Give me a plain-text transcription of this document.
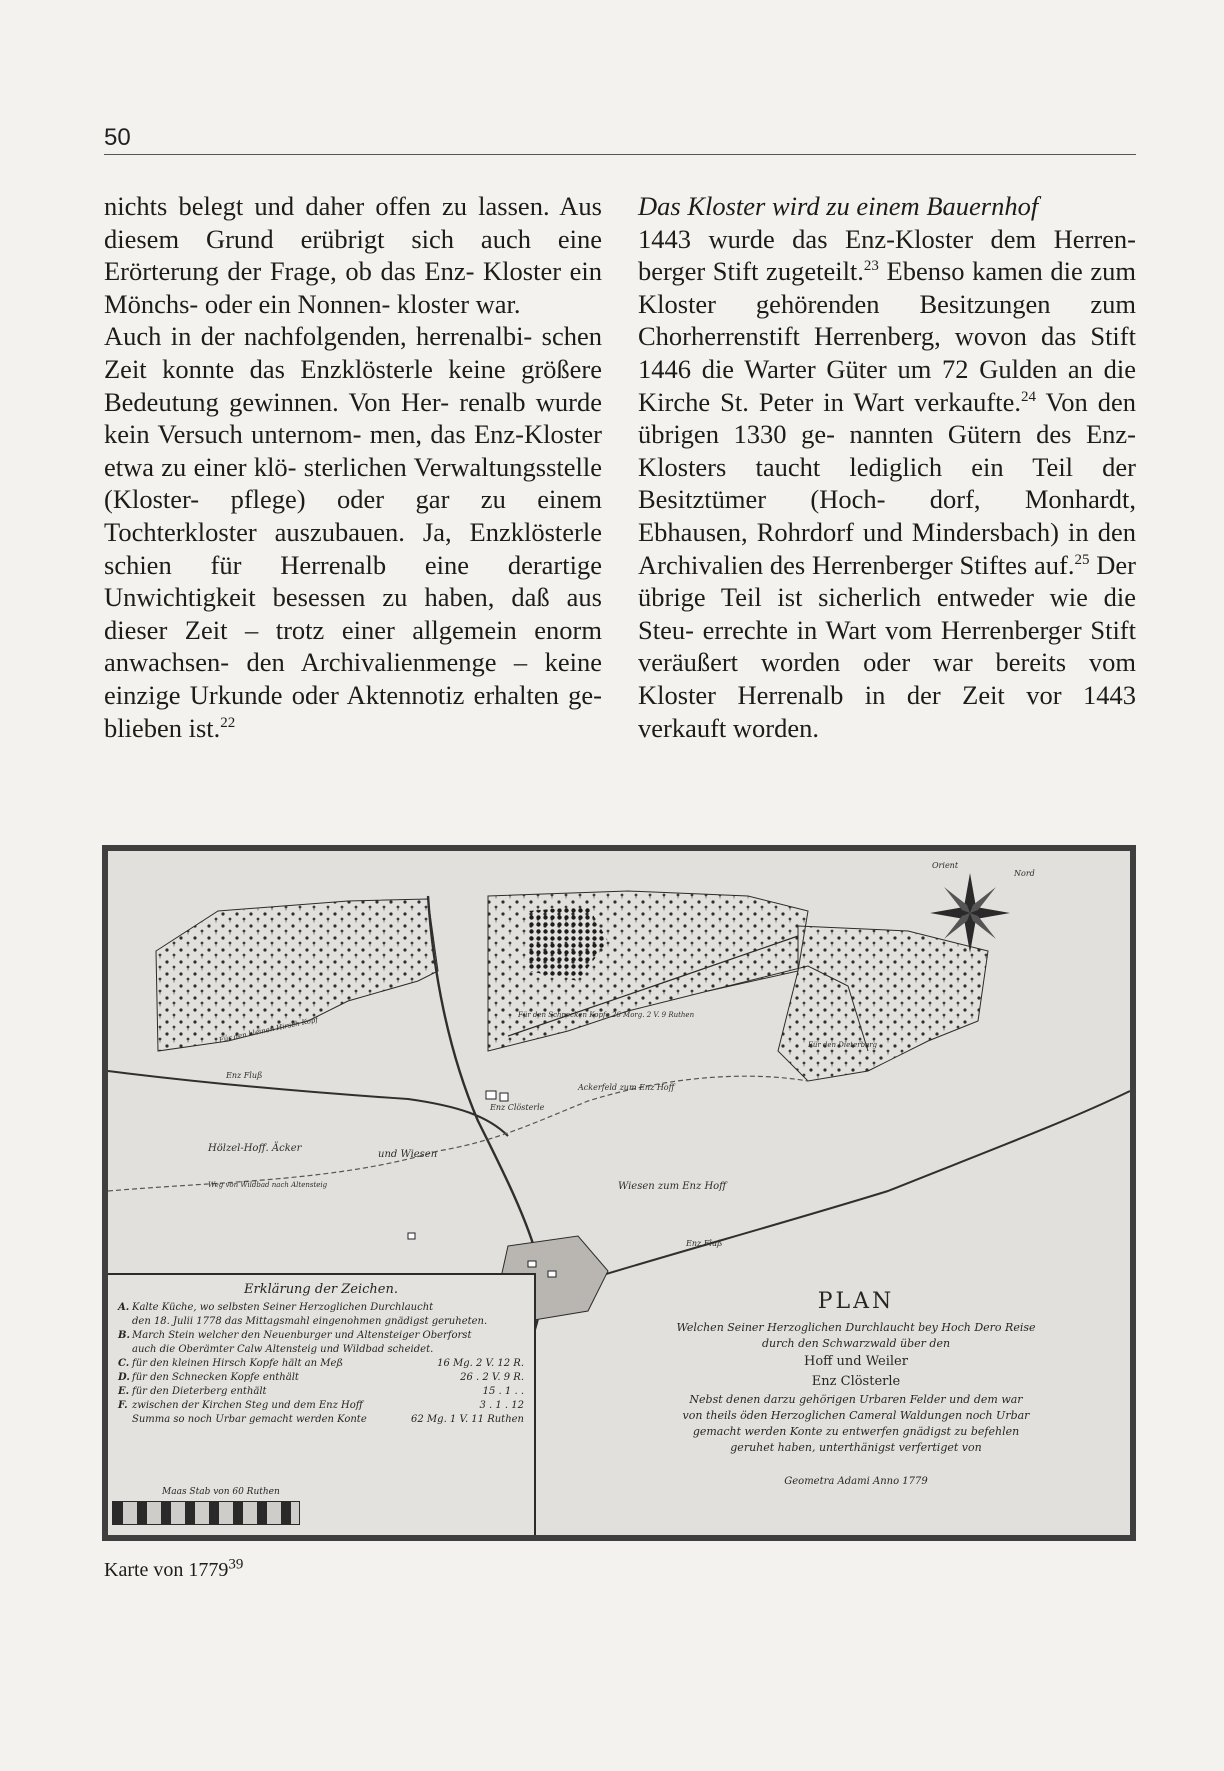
50

nichts belegt und daher offen zu lassen. Aus diesem Grund erübrigt sich auch eine Erörterung der Frage, ob das Enz- Kloster ein Mönchs- oder ein Nonnen- kloster war.

Auch in der nachfolgenden, herrenalbi- schen Zeit konnte das Enzklösterle keine größere Bedeutung gewinnen. Von Her- renalb wurde kein Versuch unternom- men, das Enz-Kloster etwa zu einer klö- sterlichen Verwaltungsstelle (Kloster- pflege) oder gar zu einem Tochterkloster auszubauen. Ja, Enzklösterle schien für Herrenalb eine derartige Unwichtigkeit besessen zu haben, daß aus dieser Zeit – trotz einer allgemein enorm anwachsen- den Archivalienmenge – keine einzige Urkunde oder Aktennotiz erhalten ge- blieben ist.$^{22}$

Das Kloster wird zu einem Bauernhof

1443 wurde das Enz-Kloster dem Herren- berger Stift zugeteilt.$^{23}$ Ebenso kamen die zum Kloster gehörenden Besitzungen zum Chorherrenstift Herrenberg, wovon das Stift 1446 die Warter Güter um 72 Gulden an die Kirche St. Peter in Wart verkaufte.$^{24}$ Von den übrigen 1330 ge- nannten Gütern des Enz-Klosters taucht lediglich ein Teil der Besitztümer (Hoch- dorf, Monhardt, Ebhausen, Rohrdorf und Mindersbach) in den Archivalien des Herrenberger Stiftes auf.$^{25}$ Der übrige Teil ist sicherlich entweder wie die Steu- errechte in Wart vom Herrenberger Stift veräußert worden oder war bereits vom Kloster Herrenalb in der Zeit vor 1443 verkauft worden.

Hölzel-Hoff. Äcker
und Wiesen
Enz Fluß
Enz Fluß
Weg von Wildbad nach Altensteig
Enz Clösterle
Wiesen zum Enz Hoff
Ackerfeld zum Enz Hoff
Für den Schnecken Kopfe 26 Morg. 2 V. 9 Ruthen
Für den Dieterberg
Für den kleinen Hirsch Kopf
Orient
Nord
Erklärung der Zeichen.
A. Kalte Küche, wo selbsten Seiner Herzoglichen Durchlaucht
den 18. Julii 1778 das Mittagsmahl eingenohmen gnädigst geruheten.
B. March Stein welcher den Neuenburger und Altensteiger Oberforst
auch die Oberämter Calw Altensteig und Wildbad scheidet.
C. für den kleinen Hirsch Kopfe hält an Meß	16 Mg. 2 V. 12 R.
D. für den Schnecken Kopfe enthält	26 . 2 V. 9 R.
E. für den Dieterberg enthält	15 . 1 . .
F. zwischen der Kirchen Steg und dem Enz Hoff	3 . 1 . 12
Summa so noch Urbar gemacht werden Konte	62 Mg. 1 V. 11 Ruthen
Maas Stab von 60 Ruthen
PLAN
Welchen Seiner Herzoglichen Durchlaucht bey Hoch Dero Reise
durch den Schwarzwald über den
Hoff und Weiler
Enz Clösterle
Nebst denen darzu gehörigen Urbaren Felder und dem war
von theils öden Herzoglichen Cameral Waldungen noch Urbar
gemacht werden Konte zu entwerfen gnädigst zu befehlen
geruhet haben, unterthänigst verfertiget von
Geometra Adami Anno 1779
Karte von 1779$^{39}$
